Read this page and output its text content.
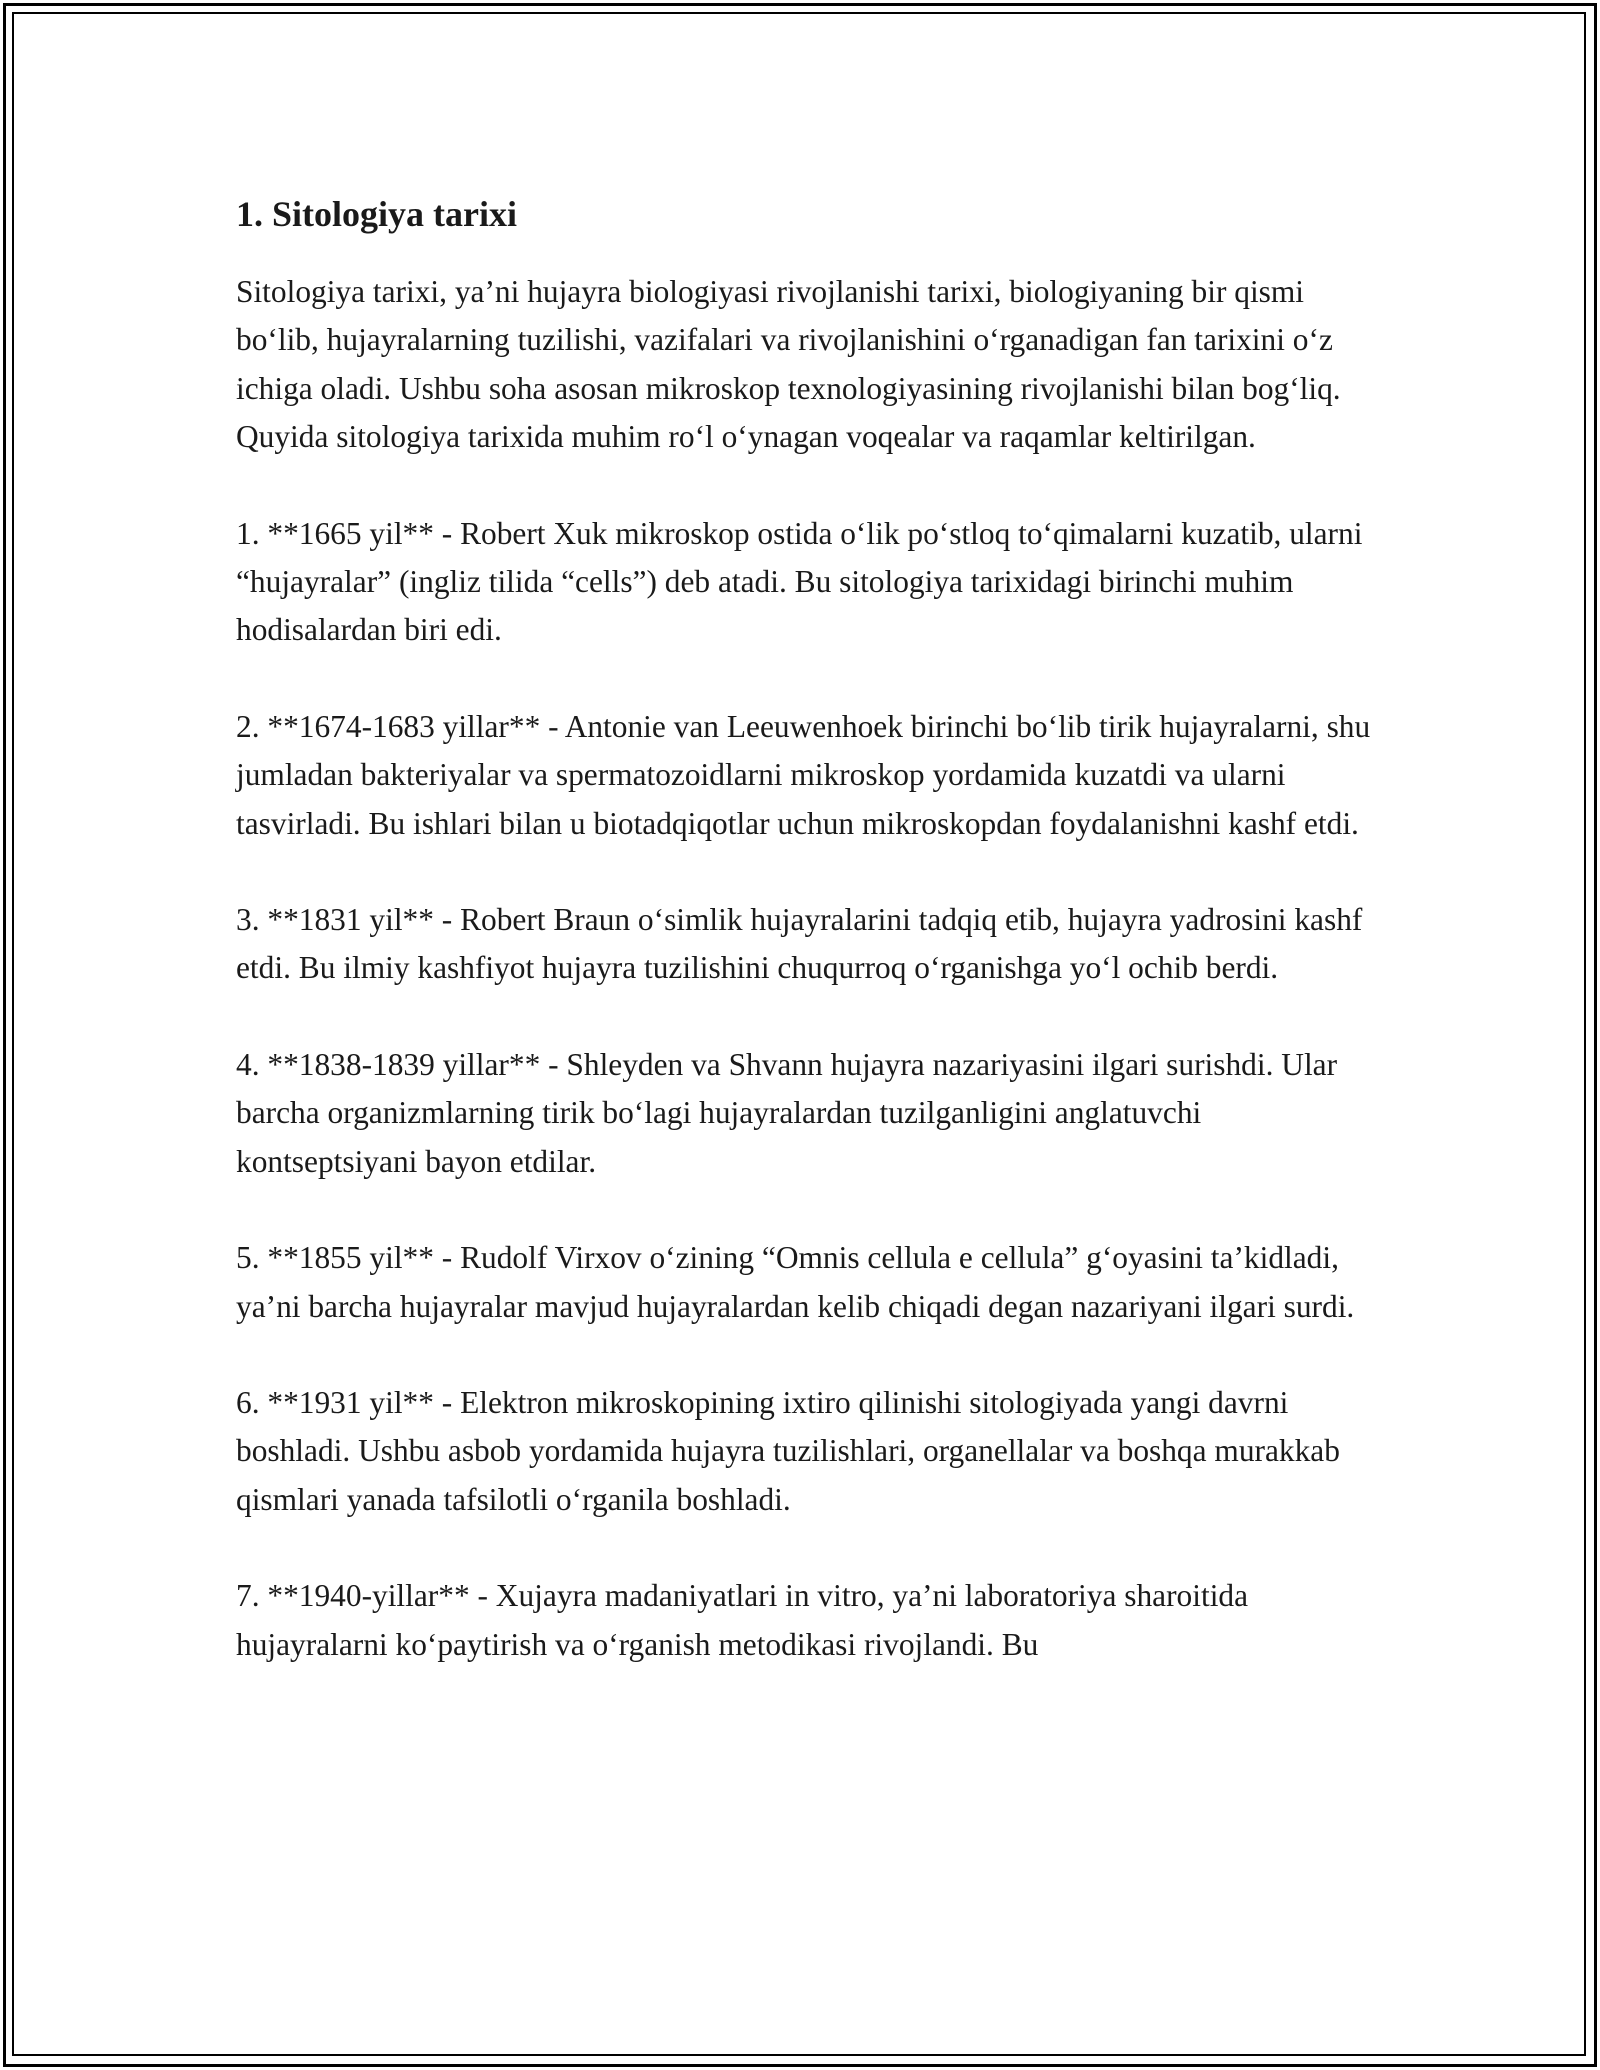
1. Sitologiya tarixi

Sitologiya tarixi, ya’ni hujayra biologiyasi rivojlanishi tarixi, biologiyaning bir qismi bo‘lib, hujayralarning tuzilishi, vazifalari va rivojlanishini o‘rganadigan fan tarixini o‘z ichiga oladi. Ushbu soha asosan mikroskop texnologiyasining rivojlanishi bilan bog‘liq. Quyida sitologiya tarixida muhim ro‘l o‘ynagan voqealar va raqamlar keltirilgan.

1. **1665 yil** - Robert Xuk mikroskop ostida o‘lik po‘stloq to‘qimalarni kuzatib, ularni “hujayralar” (ingliz tilida “cells”) deb atadi. Bu sitologiya tarixidagi birinchi muhim hodisalardan biri edi.

2. **1674-1683 yillar** - Antonie van Leeuwenhoek birinchi bo‘lib tirik hujayralarni, shu jumladan bakteriyalar va spermatozoidlarni mikroskop yordamida kuzatdi va ularni tasvirladi. Bu ishlari bilan u biotadqiqotlar uchun mikroskopdan foydalanishni kashf etdi.

3. **1831 yil** - Robert Braun o‘simlik hujayralarini tadqiq etib, hujayra yadrosini kashf etdi. Bu ilmiy kashfiyot hujayra tuzilishini chuqurroq o‘rganishga yo‘l ochib berdi.

4. **1838-1839 yillar** - Shleyden va Shvann hujayra nazariyasini ilgari surishdi. Ular barcha organizmlarning tirik bo‘lagi hujayralardan tuzilganligini anglatuvchi kontseptsiyani bayon etdilar.

5. **1855 yil** - Rudolf Virxov o‘zining “Omnis cellula e cellula” g‘oyasini ta’kidladi, ya’ni barcha hujayralar mavjud hujayralardan kelib chiqadi degan nazariyani ilgari surdi.

6. **1931 yil** - Elektron mikroskopining ixtiro qilinishi sitologiyada yangi davrni boshladi. Ushbu asbob yordamida hujayra tuzilishlari, organellalar va boshqa murakkab qismlari yanada tafsilotli o‘rganila boshladi.

7. **1940-yillar** - Xujayra madaniyatlari in vitro, ya’ni laboratoriya sharoitida hujayralarni ko‘paytirish va o‘rganish metodikasi rivojlandi. Bu
